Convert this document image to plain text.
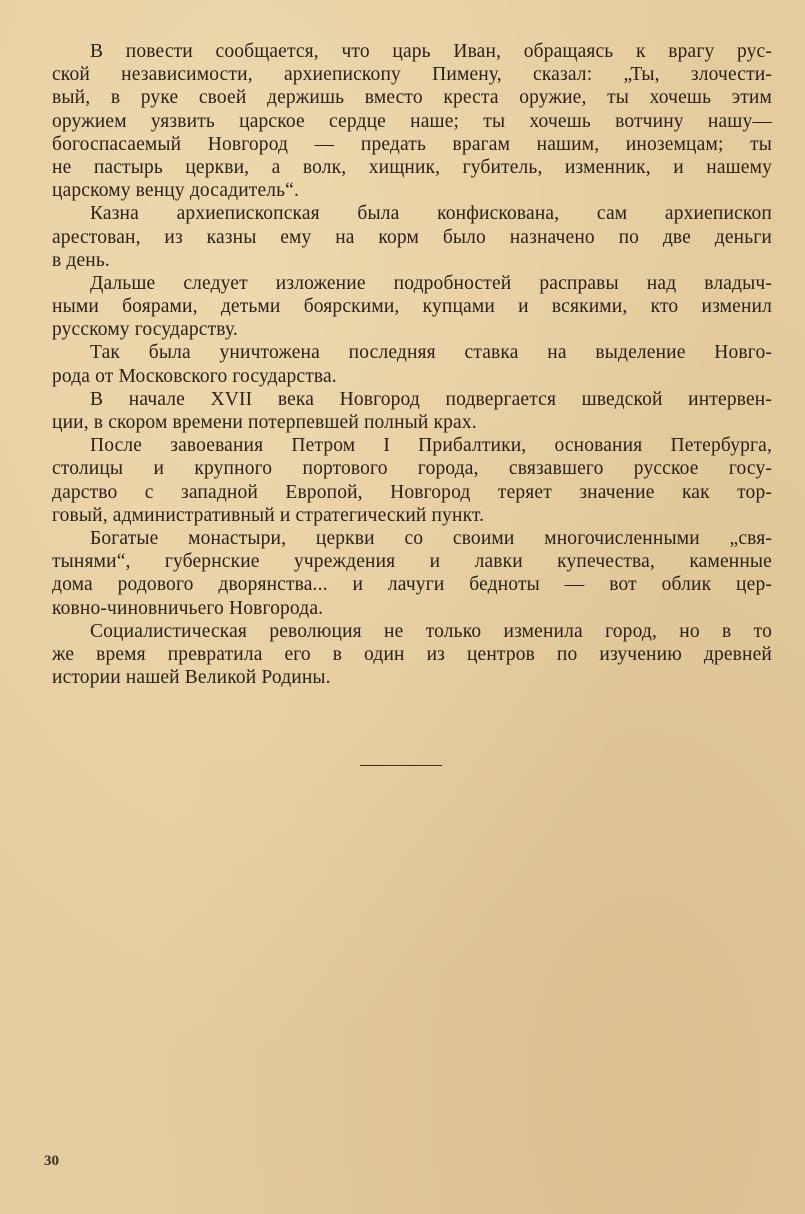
В повести сообщается, что царь Иван, обращаясь к врагу рус-
ской независимости, архиепископу Пимену, сказал: „Ты, злочести-
вый, в руке своей держишь вместо креста оружие, ты хочешь этим
оружием уязвить царское сердце наше; ты хочешь вотчину нашу—
богоспасаемый Новгород — предать врагам нашим, иноземцам; ты
не пастырь церкви, а волк, хищник, губитель, изменник, и нашему
царскому венцу досадитель“.
Казна архиепископская была конфискована, сам архиепископ
арестован, из казны ему на корм было назначено по две деньги
в день.
Дальше следует изложение подробностей расправы над владыч-
ными боярами, детьми боярскими, купцами и всякими, кто изменил
русскому государству.
Так была уничтожена последняя ставка на выделение Новго-
рода от Московского государства.
В начале XVII века Новгород подвергается шведской интервен-
ции, в скором времени потерпевшей полный крах.
После завоевания Петром I Прибалтики, основания Петербурга,
столицы и крупного портового города, связавшего русское госу-
дарство с западной Европой, Новгород теряет значение как тор-
говый, административный и стратегический пункт.
Богатые монастыри, церкви со своими многочисленными „свя-
тынями“, губернские учреждения и лавки купечества, каменные
дома родового дворянства... и лачуги бедноты — вот облик цер-
ковно-чиновничьего Новгорода.
Социалистическая революция не только изменила город, но в то
же время превратила его в один из центров по изучению древней
истории нашей Великой Родины.
30
